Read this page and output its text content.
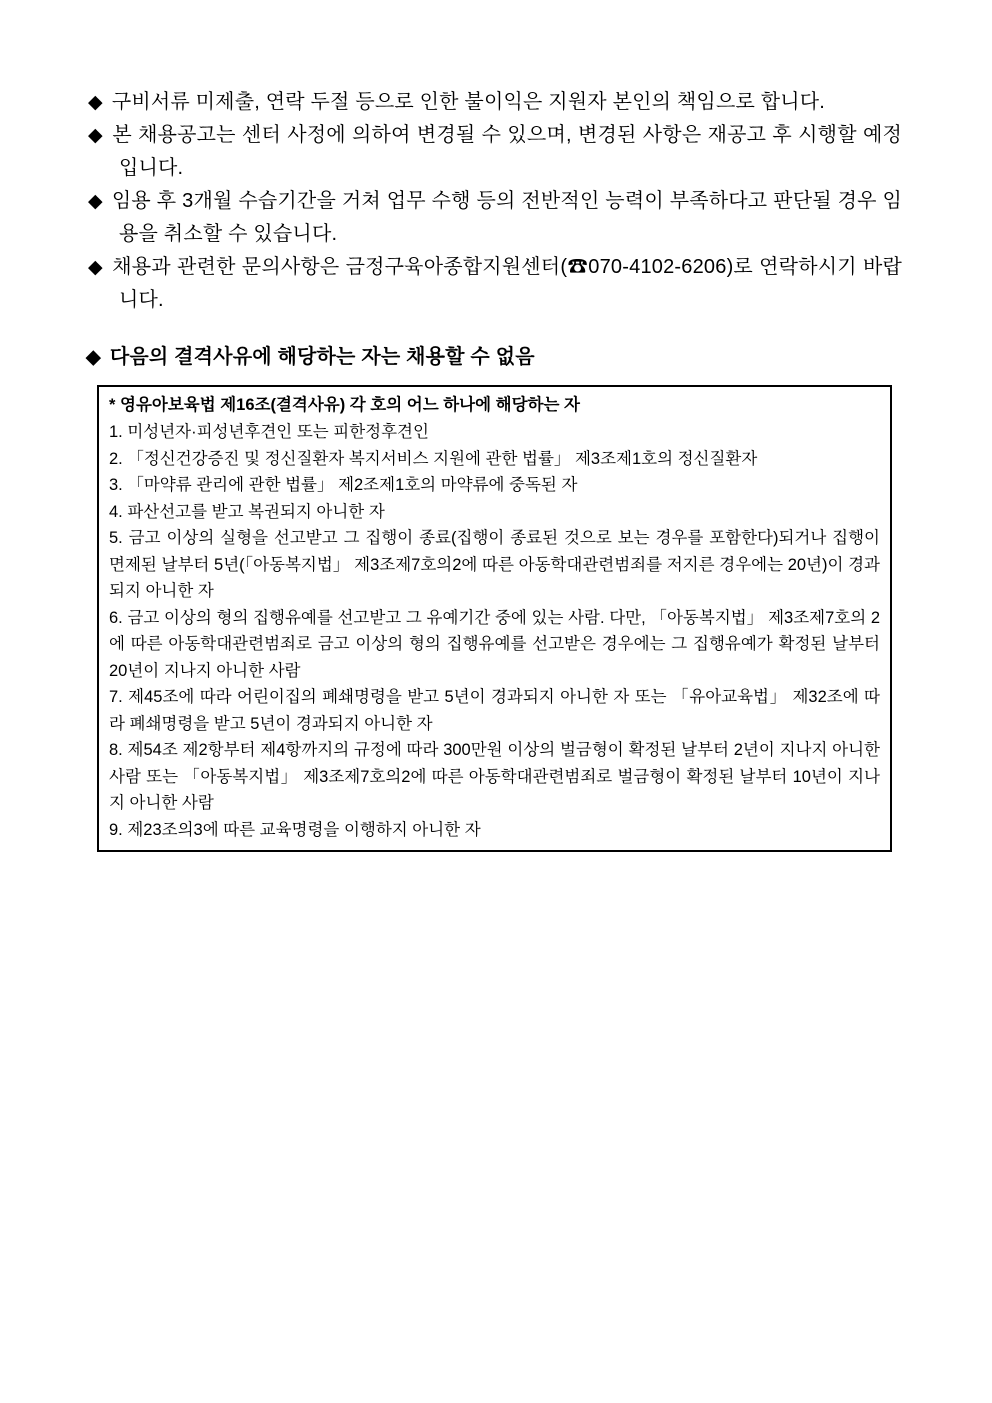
◆ 구비서류 미제출, 연락 두절 등으로 인한 불이익은 지원자 본인의 책임으로 합니다.

◆ 본 채용공고는 센터 사정에 의하여 변경될 수 있으며, 변경된 사항은 재공고 후 시행할 예정입니다.

◆ 임용 후 3개월 수습기간을 거쳐 업무 수행 등의 전반적인 능력이 부족하다고 판단될 경우 임용을 취소할 수 있습니다.

◆ 채용과 관련한 문의사항은 금정구육아종합지원센터(☎070-4102-6206)로 연락하시기 바랍니다.

◆ 다음의 결격사유에 해당하는 자는 채용할 수 없음

* 영유아보육법 제16조(결격사유) 각 호의 어느 하나에 해당하는 자

1. 미성년자·피성년후견인 또는 피한정후견인

2. 「정신건강증진 및 정신질환자 복지서비스 지원에 관한 법률」 제3조제1호의 정신질환자

3. 「마약류 관리에 관한 법률」 제2조제1호의 마약류에 중독된 자

4. 파산선고를 받고 복권되지 아니한 자

5. 금고 이상의 실형을 선고받고 그 집행이 종료(집행이 종료된 것으로 보는 경우를 포함한다)되거나 집행이 면제된 날부터 5년(「아동복지법」 제3조제7호의2에 따른 아동학대관련범죄를 저지른 경우에는 20년)이 경과되지 아니한 자

6. 금고 이상의 형의 집행유예를 선고받고 그 유예기간 중에 있는 사람. 다만, 「아동복지법」 제3조제7호의 2에 따른 아동학대관련범죄로 금고 이상의 형의 집행유예를 선고받은 경우에는 그 집행유예가 확정된 날부터 20년이 지나지 아니한 사람

7. 제45조에 따라 어린이집의 폐쇄명령을 받고 5년이 경과되지 아니한 자 또는 「유아교육법」 제32조에 따라 폐쇄명령을 받고 5년이 경과되지 아니한 자

8. 제54조 제2항부터 제4항까지의 규정에 따라 300만원 이상의 벌금형이 확정된 날부터 2년이 지나지 아니한 사람 또는 「아동복지법」 제3조제7호의2에 따른 아동학대관련범죄로 벌금형이 확정된 날부터 10년이 지나 지 아니한 사람

9. 제23조의3에 따른 교육명령을 이행하지 아니한 자
